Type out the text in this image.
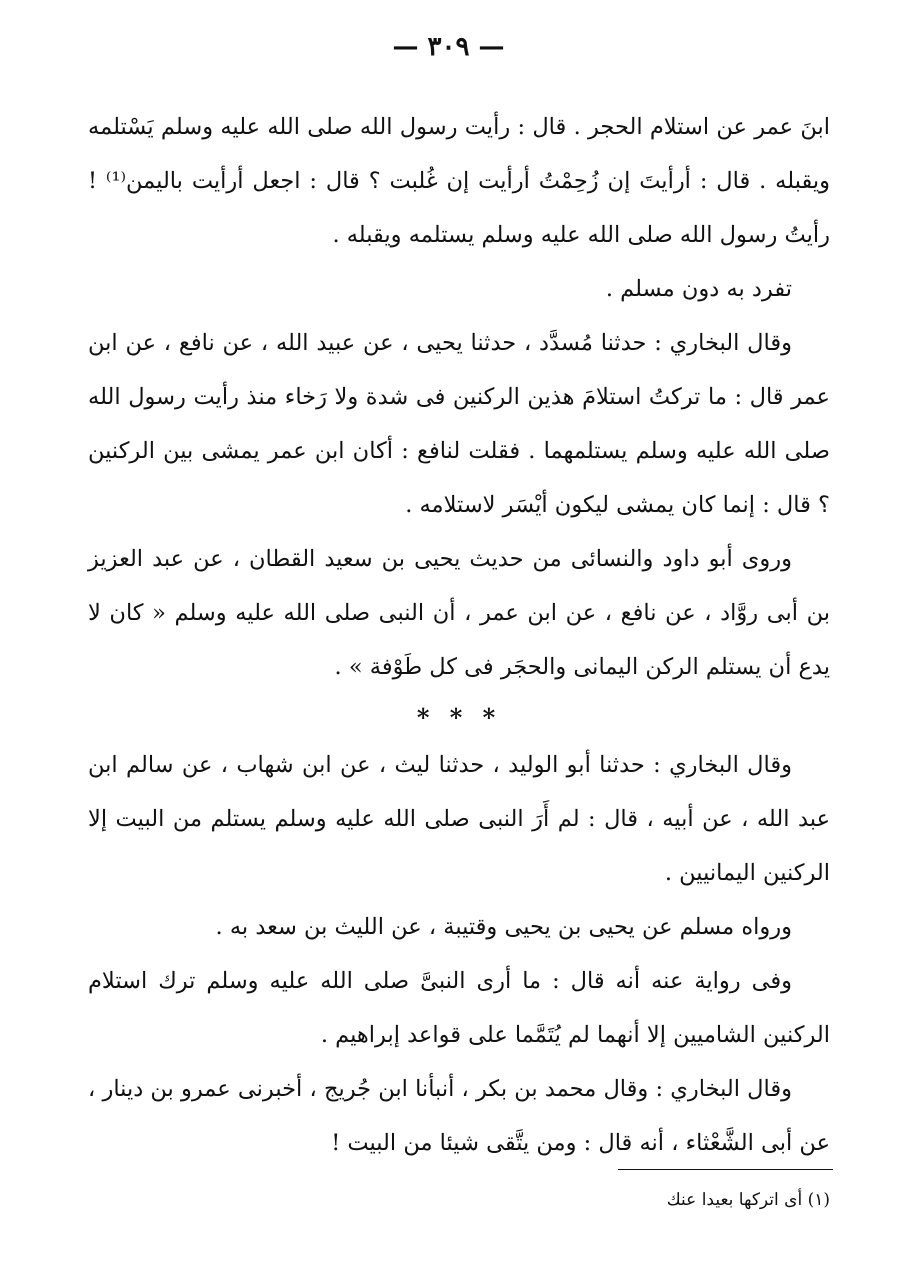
— ٣٠٩ —

ابنَ عمر عن استلام الحجر . قال : رأيت رسول الله صلى الله عليه وسلم يَسْتلمه ويقبله . قال : أرأيتَ إن زُحِمْتُ أرأيت إن غُلبت ؟ قال : اجعل أرأيت باليمن⁽¹⁾ ! رأيتُ رسول الله صلى الله عليه وسلم يستلمه ويقبله .

تفرد به دون مسلم .

وقال البخاري : حدثنا مُسدَّد ، حدثنا يحيى ، عن عبيد الله ، عن نافع ، عن ابن عمر قال : ما تركتُ استلامَ هذين الركنين فى شدة ولا رَخاء منذ رأيت رسول الله صلى الله عليه وسلم يستلمهما . فقلت لنافع : أكان ابن عمر يمشى بين الركنين ؟ قال : إنما كان يمشى ليكون أيْسَر لاستلامه .

وروى أبو داود والنسائى من حديث يحيى بن سعيد القطان ، عن عبد العزيز بن أبى روَّاد ، عن نافع ، عن ابن عمر ، أن النبى صلى الله عليه وسلم « كان لا يدع أن يستلم الركن اليمانى والحجَر فى كل طَوْفة » .

* * *

وقال البخاري : حدثنا أبو الوليد ، حدثنا ليث ، عن ابن شهاب ، عن سالم ابن عبد الله ، عن أبيه ، قال : لم أَرَ النبى صلى الله عليه وسلم يستلم من البيت إلا الركنين اليمانيين .

ورواه مسلم عن يحيى بن يحيى وقتيبة ، عن الليث بن سعد به .

وفى رواية عنه أنه قال : ما أرى النبىَّ صلى الله عليه وسلم ترك استلام الركنين الشاميين إلا أنهما لم يُتَمَّما على قواعد إبراهيم .

وقال البخاري : وقال محمد بن بكر ، أنبأنا ابن جُريج ، أخبرنى عمرو بن دينار ، عن أبى الشَّعْثاء ، أنه قال : ومن يتَّقى شيئا من البيت !

(١) أى اتركها بعيدا عنك
